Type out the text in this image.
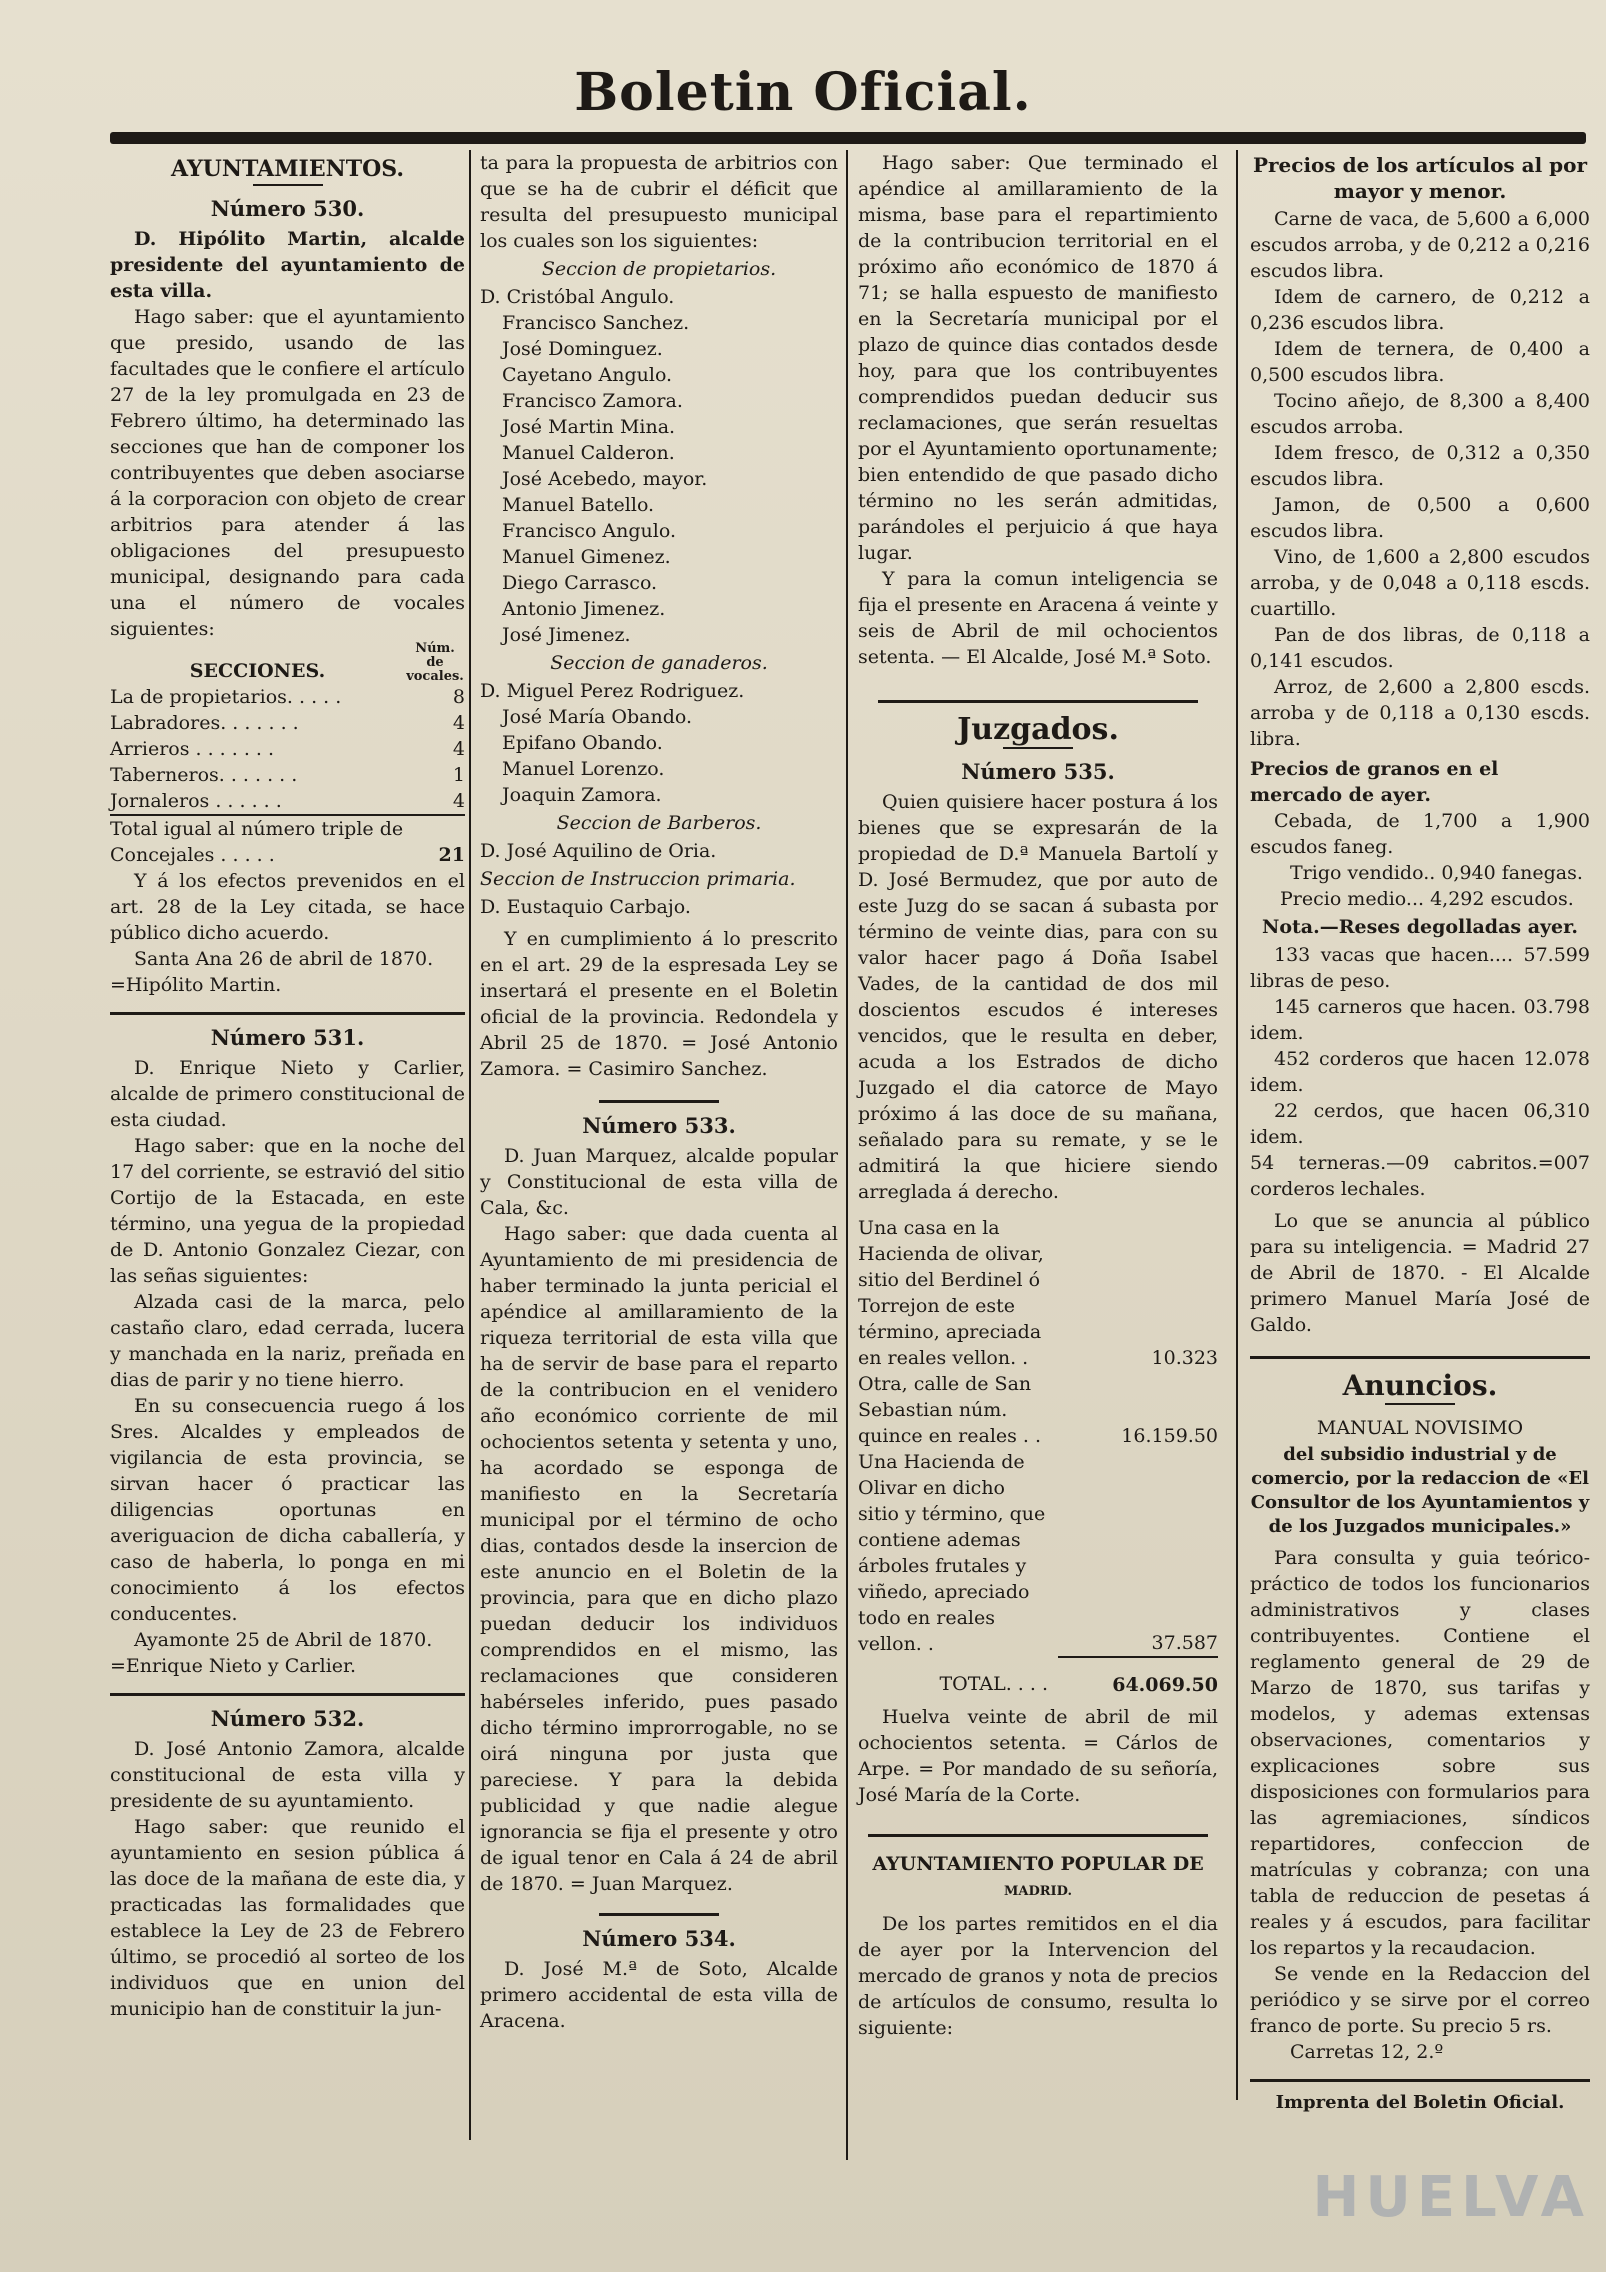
Boletin Oficial.
AYUNTAMIENTOS.
Número 530.

D. Hipólito Martin, alcalde presidente del ayuntamiento de esta villa.

Hago saber: que el ayuntamiento que presido, usando de las facultades que le confiere el artículo 27 de la ley promulgada en 23 de Febrero último, ha determinado las secciones que han de componer los contribuyentes que deben asociarse á la corporacion con objeto de crear arbitrios para atender á las obligaciones del presupuesto municipal, designando para cada una el número de vocales siguientes:

SECCIONES.	Núm. de vocales.
La de propietarios. . . . .	8
Labradores. . . . . . .	4
Arrieros . . . . . . .	4
Taberneros. . . . . . .	1
Jornaleros . . . . . .	4
Total igual al número triple de Concejales . . . . .	21

Y á los efectos prevenidos en el art. 28 de la Ley citada, se hace público dicho acuerdo.

Santa Ana 26 de abril de 1870.

=Hipólito Martin.

Número 531.

D. Enrique Nieto y Carlier, alcalde de primero constitucional de esta ciudad.

Hago saber: que en la noche del 17 del corriente, se estravió del sitio Cortijo de la Estacada, en este término, una yegua de la propiedad de D. Antonio Gonzalez Ciezar, con las señas siguientes:

Alzada casi de la marca, pelo castaño claro, edad cerrada, lucera y manchada en la nariz, preñada en dias de parir y no tiene hierro.

En su consecuencia ruego á los Sres. Alcaldes y empleados de vigilancia de esta provincia, se sirvan hacer ó practicar las diligencias oportunas en averiguacion de dicha caballería, y caso de haberla, lo ponga en mi conocimiento á los efectos conducentes.

Ayamonte 25 de Abril de 1870.

=Enrique Nieto y Carlier.

Número 532.

D. José Antonio Zamora, alcalde constitucional de esta villa y presidente de su ayuntamiento.

Hago saber: que reunido el ayuntamiento en sesion pública á las doce de la mañana de este dia, y practicadas las formalidades que establece la Ley de 23 de Febrero último, se procedió al sorteo de los individuos que en union del municipio han de constituir la jun-

ta para la propuesta de arbitrios con que se ha de cubrir el déficit que resulta del presupuesto municipal los cuales son los siguientes:

Seccion de propietarios.

D. Cristóbal Angulo.

Francisco Sanchez.

José Dominguez.

Cayetano Angulo.

Francisco Zamora.

José Martin Mina.

Manuel Calderon.

José Acebedo, mayor.

Manuel Batello.

Francisco Angulo.

Manuel Gimenez.

Diego Carrasco.

Antonio Jimenez.

José Jimenez.

Seccion de ganaderos.

D. Miguel Perez Rodriguez.

José María Obando.

Epifano Obando.

Manuel Lorenzo.

Joaquin Zamora.

Seccion de Barberos.

D. José Aquilino de Oria.

Seccion de Instruccion primaria.

D. Eustaquio Carbajo.

Y en cumplimiento á lo prescrito en el art. 29 de la espresada Ley se insertará el presente en el Boletin oficial de la provincia. Redondela y Abril 25 de 1870. = José Antonio Zamora. = Casimiro Sanchez.

Número 533.

D. Juan Marquez, alcalde popular y Constitucional de esta villa de Cala, &c.

Hago saber: que dada cuenta al Ayuntamiento de mi presidencia de haber terminado la junta pericial el apéndice al amillaramiento de la riqueza territorial de esta villa que ha de servir de base para el reparto de la contribucion en el venidero año económico corriente de mil ochocientos setenta y setenta y uno, ha acordado se esponga de manifiesto en la Secretaría municipal por el término de ocho dias, contados desde la insercion de este anuncio en el Boletin de la provincia, para que en dicho plazo puedan deducir los individuos comprendidos en el mismo, las reclamaciones que consideren habérseles inferido, pues pasado dicho término improrrogable, no se oirá ninguna por justa que pareciese. Y para la debida publicidad y que nadie alegue ignorancia se fija el presente y otro de igual tenor en Cala á 24 de abril de 1870. = Juan Marquez.

Número 534.

D. José M.ª de Soto, Alcalde primero accidental de esta villa de Aracena.

Hago saber: Que terminado el apéndice al amillaramiento de la misma, base para el repartimiento de la contribucion territorial en el próximo año económico de 1870 á 71; se halla espuesto de manifiesto en la Secretaría municipal por el plazo de quince dias contados desde hoy, para que los contribuyentes comprendidos puedan deducir sus reclamaciones, que serán resueltas por el Ayuntamiento oportunamente; bien entendido de que pasado dicho término no les serán admitidas, parándoles el perjuicio á que haya lugar.

Y para la comun inteligencia se fija el presente en Aracena á veinte y seis de Abril de mil ochocientos setenta. — El Alcalde, José M.ª Soto.

Juzgados.
Número 535.

Quien quisiere hacer postura á los bienes que se expresarán de la propiedad de D.ª Manuela Bartolí y D. José Bermudez, que por auto de este Juzg do se sacan á subasta por término de veinte dias, para con su valor hacer pago á Doña Isabel Vades, de la cantidad de dos mil doscientos escudos é intereses vencidos, que le resulta en deber, acuda a los Estrados de dicho Juzgado el dia catorce de Mayo próximo á las doce de su mañana, señalado para su remate, y se le admitirá la que hiciere siendo arreglada á derecho.

Una casa en la Hacienda de olivar, sitio del Berdinel ó Torrejon de este término, apreciada en reales vellon. .	10.323
Otra, calle de San Sebastian núm. quince en reales . .	16.159.50
Una Hacienda de Olivar en dicho sitio y término, que contiene ademas árboles frutales y viñedo, apreciado todo en reales vellon. .	37.587
TOTAL. . . .	64.069.50

Huelva veinte de abril de mil ochocientos setenta. = Cárlos de Arpe. = Por mandado de su señoría, José María de la Corte.

AYUNTAMIENTO POPULAR DE
MADRID.

De los partes remitidos en el dia de ayer por la Intervencion del mercado de granos y nota de precios de artículos de consumo, resulta lo siguiente:

Precios de los artículos al por mayor y menor.

Carne de vaca, de 5,600 a 6,000 escudos arroba, y de 0,212 a 0,216 escudos libra.

Idem de carnero, de 0,212 a 0,236 escudos libra.

Idem de ternera, de 0,400 a 0,500 escudos libra.

Tocino añejo, de 8,300 a 8,400 escudos arroba.

Idem fresco, de 0,312 a 0,350 escudos libra.

Jamon, de 0,500 a 0,600 escudos libra.

Vino, de 1,600 a 2,800 escudos arroba, y de 0,048 a 0,118 escds. cuartillo.

Pan de dos libras, de 0,118 a 0,141 escudos.

Arroz, de 2,600 a 2,800 escds. arroba y de 0,118 a 0,130 escds. libra.

Precios de granos en el mercado de ayer.

Cebada, de 1,700 a 1,900 escudos faneg.

Trigo vendido.. 0,940 fanegas.

Precio medio... 4,292 escudos.

Nota.—Reses degolladas ayer.

133 vacas que hacen.... 57.599 libras de peso.

145 carneros que hacen. 03.798 idem.

452 corderos que hacen 12.078 idem.

22 cerdos, que hacen 06,310 idem.

54 terneras.—09 cabritos.=007 corderos lechales.

Lo que se anuncia al público para su inteligencia. = Madrid 27 de Abril de 1870. - El Alcalde primero Manuel María José de Galdo.

Anuncios.
MANUAL NOVISIMO
del subsidio industrial y de comercio, por la redaccion de «El Consultor de los Ayuntamientos y de los Juzgados municipales.»

Para consulta y guia teórico-práctico de todos los funcionarios administrativos y clases contribuyentes. Contiene el reglamento general de 29 de Marzo de 1870, sus tarifas y modelos, y ademas extensas observaciones, comentarios y explicaciones sobre sus disposiciones con formularios para las agremiaciones, síndicos repartidores, confeccion de matrículas y cobranza; con una tabla de reduccion de pesetas á reales y á escudos, para facilitar los repartos y la recaudacion.

Se vende en la Redaccion del periódico y se sirve por el correo franco de porte. Su precio 5 rs.

Carretas 12, 2.º

Imprenta del Boletin Oficial.
HUELVA
